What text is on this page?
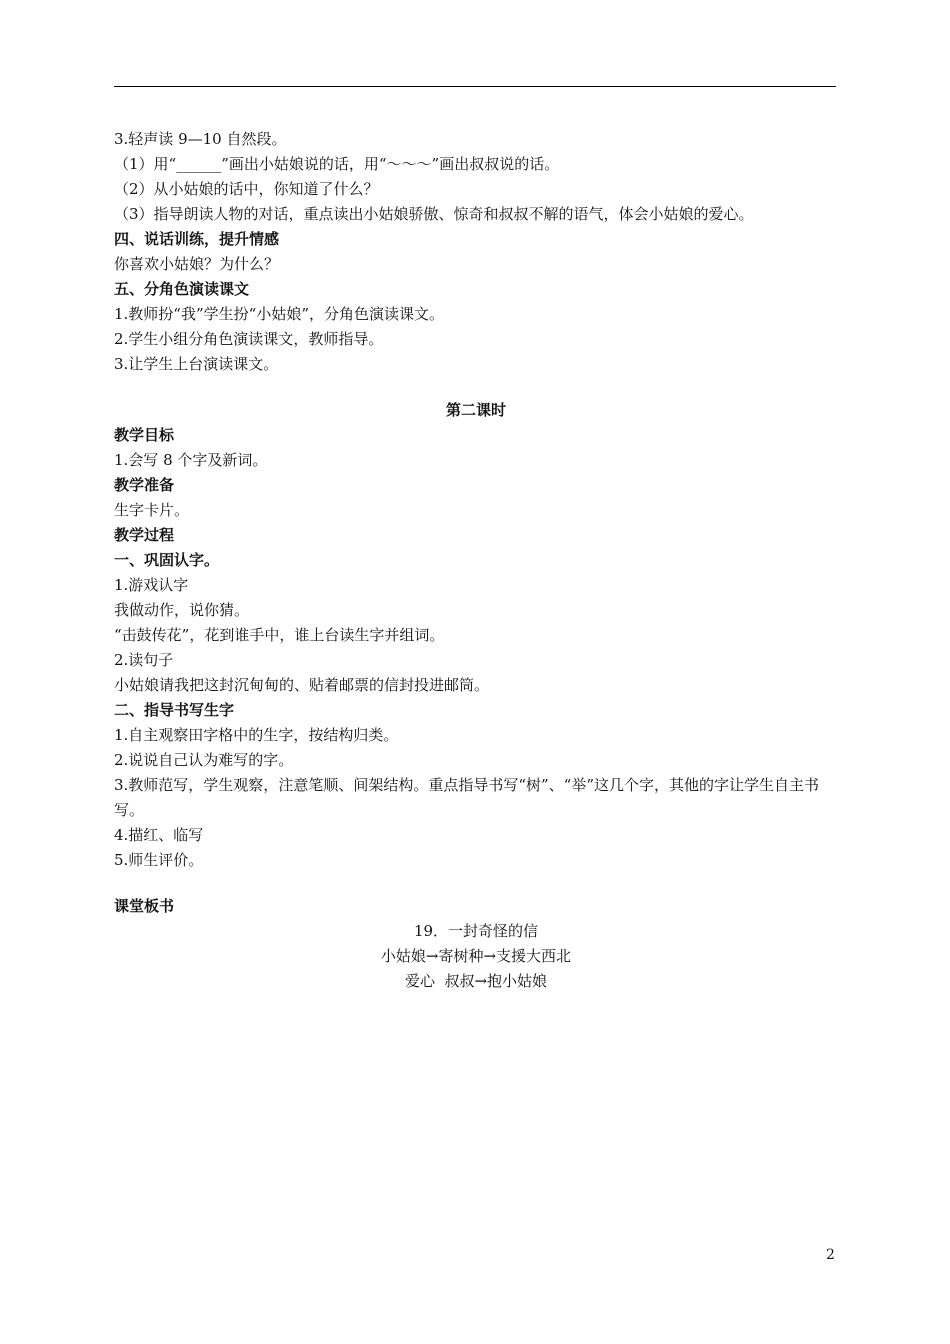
3.轻声读 9—10 自然段。
（1）用“______”画出小姑娘说的话，用“～～～”画出叔叔说的话。
（2）从小姑娘的话中，你知道了什么？
（3）指导朗读人物的对话，重点读出小姑娘骄傲、惊奇和叔叔不解的语气，体会小姑娘的爱心。
四、说话训练，提升情感
你喜欢小姑娘？为什么？
五、分角色演读课文
1.教师扮“我”学生扮“小姑娘”，分角色演读课文。
2.学生小组分角色演读课文，教师指导。
3.让学生上台演读课文。
第二课时
教学目标
1.会写 8 个字及新词。
教学准备
生字卡片。
教学过程
一、巩固认字。
1.游戏认字
我做动作，说你猜。
“击鼓传花”，花到谁手中，谁上台读生字并组词。
2.读句子
小姑娘请我把这封沉甸甸的、贴着邮票的信封投进邮筒。
二、指导书写生字
1.自主观察田字格中的生字，按结构归类。
2.说说自己认为难写的字。
3.教师范写，学生观察，注意笔顺、间架结构。重点指导书写“树”、“举”这几个字，其他的字让学生自主书写。
4.描红、临写
5.师生评价。
课堂板书
19．一封奇怪的信
小姑娘→寄树种→支援大西北
爱心  叔叔→抱小姑娘
2
